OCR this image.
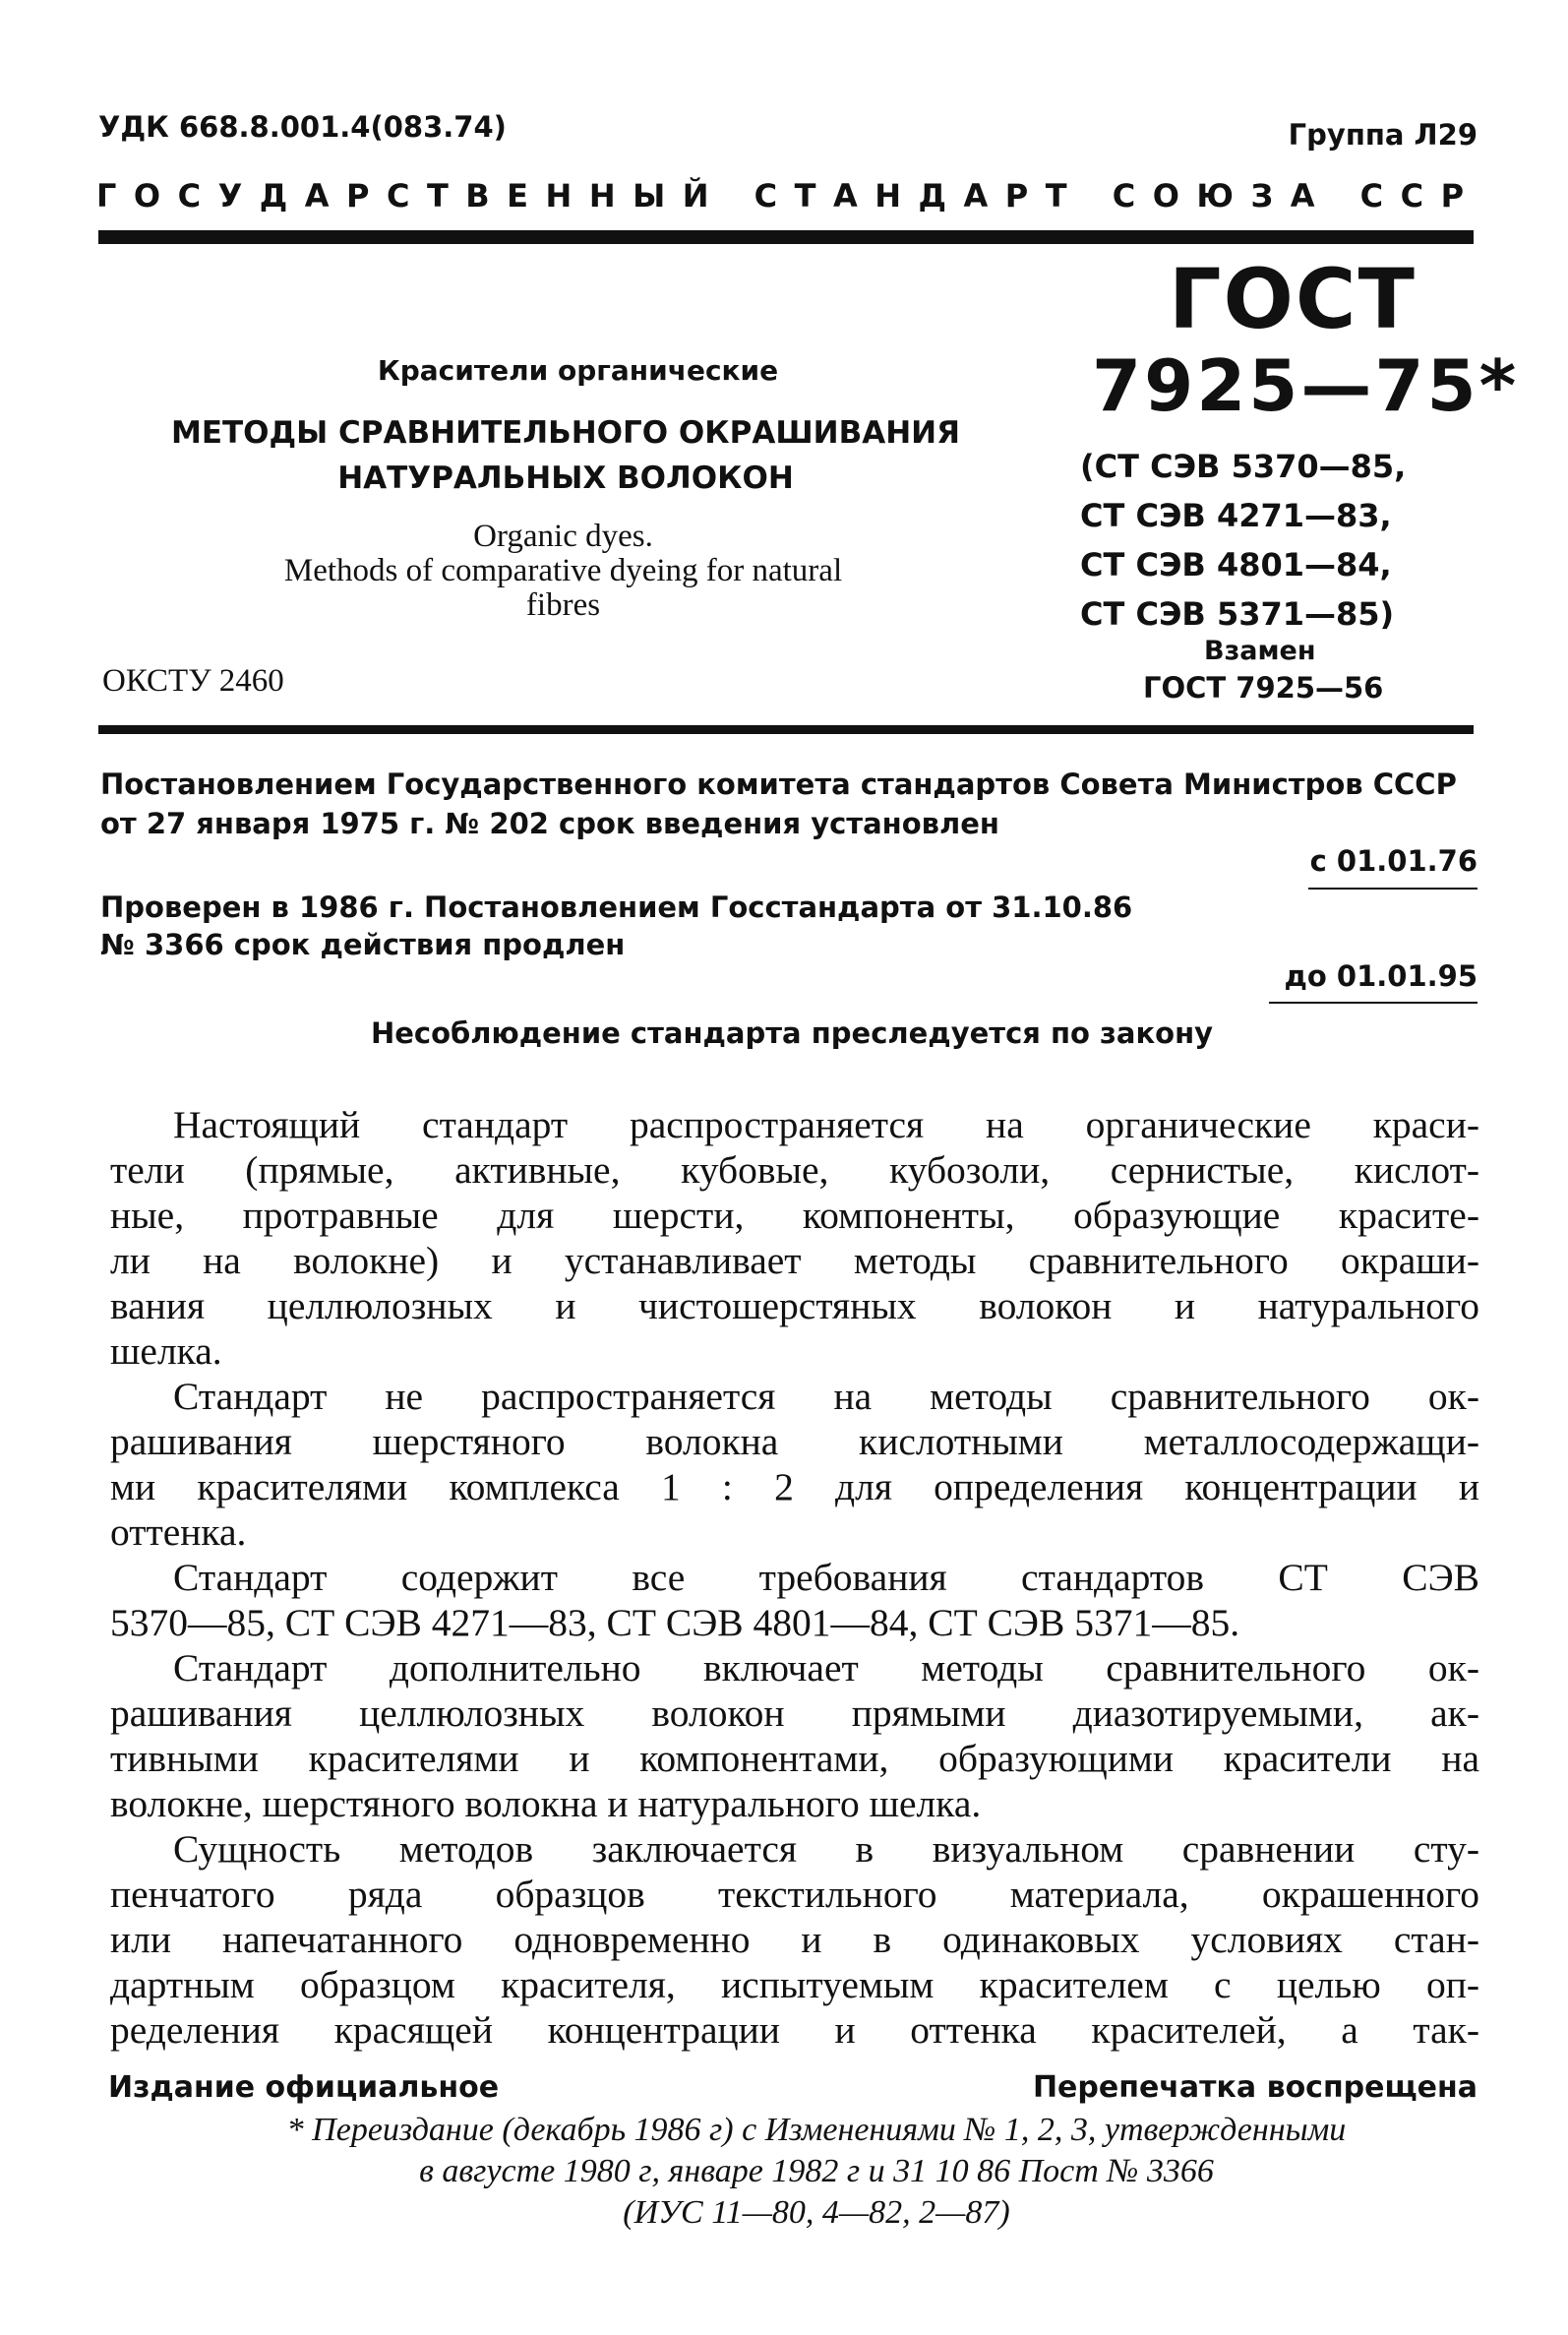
УДК 668.8.001.4(083.74)	Группа Л29
ГОСУДАРСТВЕННЫЙ СТАНДАРТ СОЮЗА ССР
ГОСТ
7925—75*
(СТ СЭВ 5370—85,
СТ СЭВ 4271—83,
СТ СЭВ 4801—84,
СТ СЭВ 5371—85)
Взамен
ГОСТ 7925—56
Красители органические
МЕТОДЫ СРАВНИТЕЛЬНОГО ОКРАШИВАНИЯ
НАТУРАЛЬНЫХ ВОЛОКОН
Organic dyes.
Methods of comparative dyeing for natural
fibres
ОКСТУ 2460
Постановлением Государственного комитета стандартов Совета Министров СССР
от 27 января 1975 г. № 202 срок введения установлен
с 01.01.76
Проверен в 1986 г. Постановлением Госстандарта от 31.10.86
№ 3366 срок действия продлен
до 01.01.95
Несоблюдение стандарта преследуется по закону
Настоящий стандарт распространяется на органические краси-
тели (прямые, активные, кубовые, кубозоли, сернистые, кислот-
ные, протравные для шерсти, компоненты, образующие красите-
ли на волокне) и устанавливает методы сравнительного окраши-
вания целлюлозных и чистошерстяных волокон и натурального
шелка.
Стандарт не распространяется на методы сравнительного ок-
рашивания шерстяного волокна кислотными металлосодержащи-
ми красителями комплекса 1 : 2 для определения концентрации и
оттенка.
Стандарт содержит все требования стандартов СТ СЭВ
5370—85, СТ СЭВ 4271—83, СТ СЭВ 4801—84, СТ СЭВ 5371—85.
Стандарт дополнительно включает методы сравнительного ок-
рашивания целлюлозных волокон прямыми диазотируемыми, ак-
тивными красителями и компонентами, образующими красители на
волокне, шерстяного волокна и натурального шелка.
Сущность методов заключается в визуальном сравнении сту-
пенчатого ряда образцов текстильного материала, окрашенного
или напечатанного одновременно и в одинаковых условиях стан-
дартным образцом красителя, испытуемым красителем с целью оп-
ределения красящей концентрации и оттенка красителей, а так-
Издание официальное	Перепечатка воспрещена
* Переиздание (декабрь 1986 г) с Изменениями № 1, 2, 3, утвержденными
в августе 1980 г, январе 1982 г и 31 10 86 Пост № 3366
(ИУС 11—80, 4—82, 2—87)
